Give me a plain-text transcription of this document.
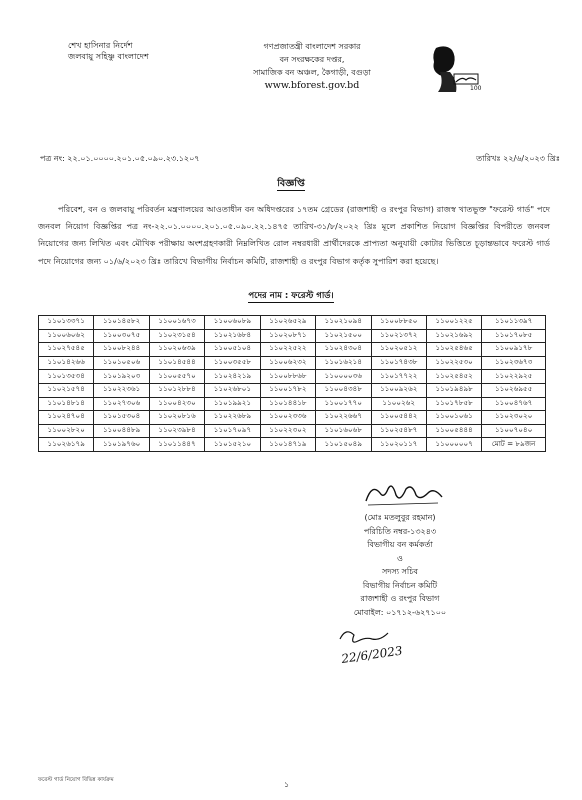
শেখ হাসিনার নির্দেশ
জলবায়ু সহিষ্ণু বাংলাদেশ
গণপ্রজাতন্ত্রী বাংলাদেশ সরকার
বন সংরক্ষকের দপ্তর,
সামাজিক বন অঞ্চল, কৈগাড়ী, বগুড়া
www.bforest.gov.bd	100
পত্র নং: ২২.০১.০০০০.২০১.০৫.০৯০.২৩.১২০৭	তারিখঃ ২২/৬/২০২৩ খ্রিঃ
বিজ্ঞপ্তি
পরিবেশ, বন ও জলবায়ু পরিবর্তন মন্ত্রণালয়ের আওতাধীন বন অধিদপ্তরের ১৭তম গ্রেডের (রাজশাহী ও রংপুর বিভাগ) রাজস্ব খাতভুক্ত "ফরেস্ট গার্ড" পদে জনবল নিয়োগ বিজ্ঞপ্তির পত্র নং-২২.০১.০০০০.২০১.০৫.০৯০.২২.১৪৭৫ তারিখ-৩১/৮/২০২২ খ্রিঃ মূলে প্রকাশিত নিয়োগ বিজ্ঞপ্তির বিপরীতে জনবল নিয়োগের জন্য লিখিত এবং মৌখিক পরীক্ষায় অংশগ্রহণকারী নিম্নলিখিত রোল নম্বরধারী প্রার্থীদেরকে প্রাপ্যতা অনুযায়ী কোটার ভিত্তিতে চূড়ান্তভাবে ফরেস্ট গার্ড পদে নিয়োগের জন্য ০১/৬/২০২৩ খ্রিঃ তারিখে বিভাগীয় নির্বাচন কমিটি, রাজশাহী ও রংপুর বিভাগ কর্তৃক সুপারিশ করা হয়েছে।
পদের নাম : ফরেস্ট গার্ড।
১১০১৩৩৭১	১১০১৪৫৮২	১১০০১৬৭৩	১১০০৬০৮৯	১১০২৬৫২৯	১১০২১০৯৪	১১০০৮৮৫০	১১০০১২২৫	১১০১১৩৯৭
১১০০৬০৬২	১১০০৩০৭৫	১১০২৩১৫৪	১১০২১৬৮৪	১১০২০৮৭১	১১০২১৫০০	১১০২১৩৭২	১১০২১৬৯২	১১০১৭০৮৫
১১০২৭৫৪৫	১১০০৮২৪৪	১১০২০৬৩৯	১১০০৫১০৪	১১০২২৫২২	১১০২৪৩০৪	১১০২০৫১২	১১০২৫৪৬৫	১১০০৯১৭৮
১১০১৪২৬৬	১১০১০৫০৬	১১০১৪৫৪৪	১১০০৩৫৫৮	১১০০৬২৩২	১১০১৬২১৪	১১০১৭৪৩৮	১১০২২৫৩০	১১০২৩৬৭৩
১১০১৩৫৩৪	১১০১৯২০৩	১১০০৫৫৭০	১১০২৪২১৯	১১০০৮৮৬৮	১১০০০০৩৬	১১০১৭৭২২	১১০২৫৪৫২	১১০২২৯২৫
১১০২১৫৭৪	১১০২২৩৬১	১১০১২৮৮৪	১১০২৬৮০১	১১০০১৭৮২	১১০০৪৩৪৮	১১০০৯২৬২	১১০১৯৪৯৮	১১০২৬৯৫৫
১১০১৪৮১৪	১১০২৭৩০৬	১১০০৪২৩০	১১০১৯৯২১	১১০১৪৪১৮	১১০০১৭৭০	১১০০২৬২	১১০১৭৮৫৮	১১০০৪৭৬৭
১১০২৪৭০৪	১১০১৫৩০৪	১১০২০৮১৬	১১০২২৬৮৯	১১০০২৩৩৬	১১০২২৬৬৭	১১০০৫৪৪২	১১০০১০৬১	১১০২৩০২০
১১০০২৮২০	১১০০৪৪৮৯	১১০২৩৯৮৪	১১০১৭০৯৭	১১০২২৩০২	১১০১৬০৬৮	১১০২৫৪৮৭	১১০০৫৪৪৪	১১০০৭০৪০
১১০২৬১৭৯	১১০১৯৭৬০	১১০১১৪৪৭	১১০১৫২১০	১১০১৪৭১৯	১১০১৫০৪৯	১১০২০১১৭	১১০০০০০৭	মোট = ৮৯জন
(মোঃ মতলুবুর রহমান)
পরিচিতি নম্বর-১৩২৪৩
বিভাগীয় বন কর্মকর্তা
ও
সদস্য সচিব
বিভাগীয় নির্বাচন কমিটি
রাজশাহী ও রংপুর বিভাগ
মোবাইল: ০১৭১২-৬২৭১০০
22/6/2023
ফরেস্ট গার্ড নিয়োগ বিভিন্ন কার্যক্রম	১
